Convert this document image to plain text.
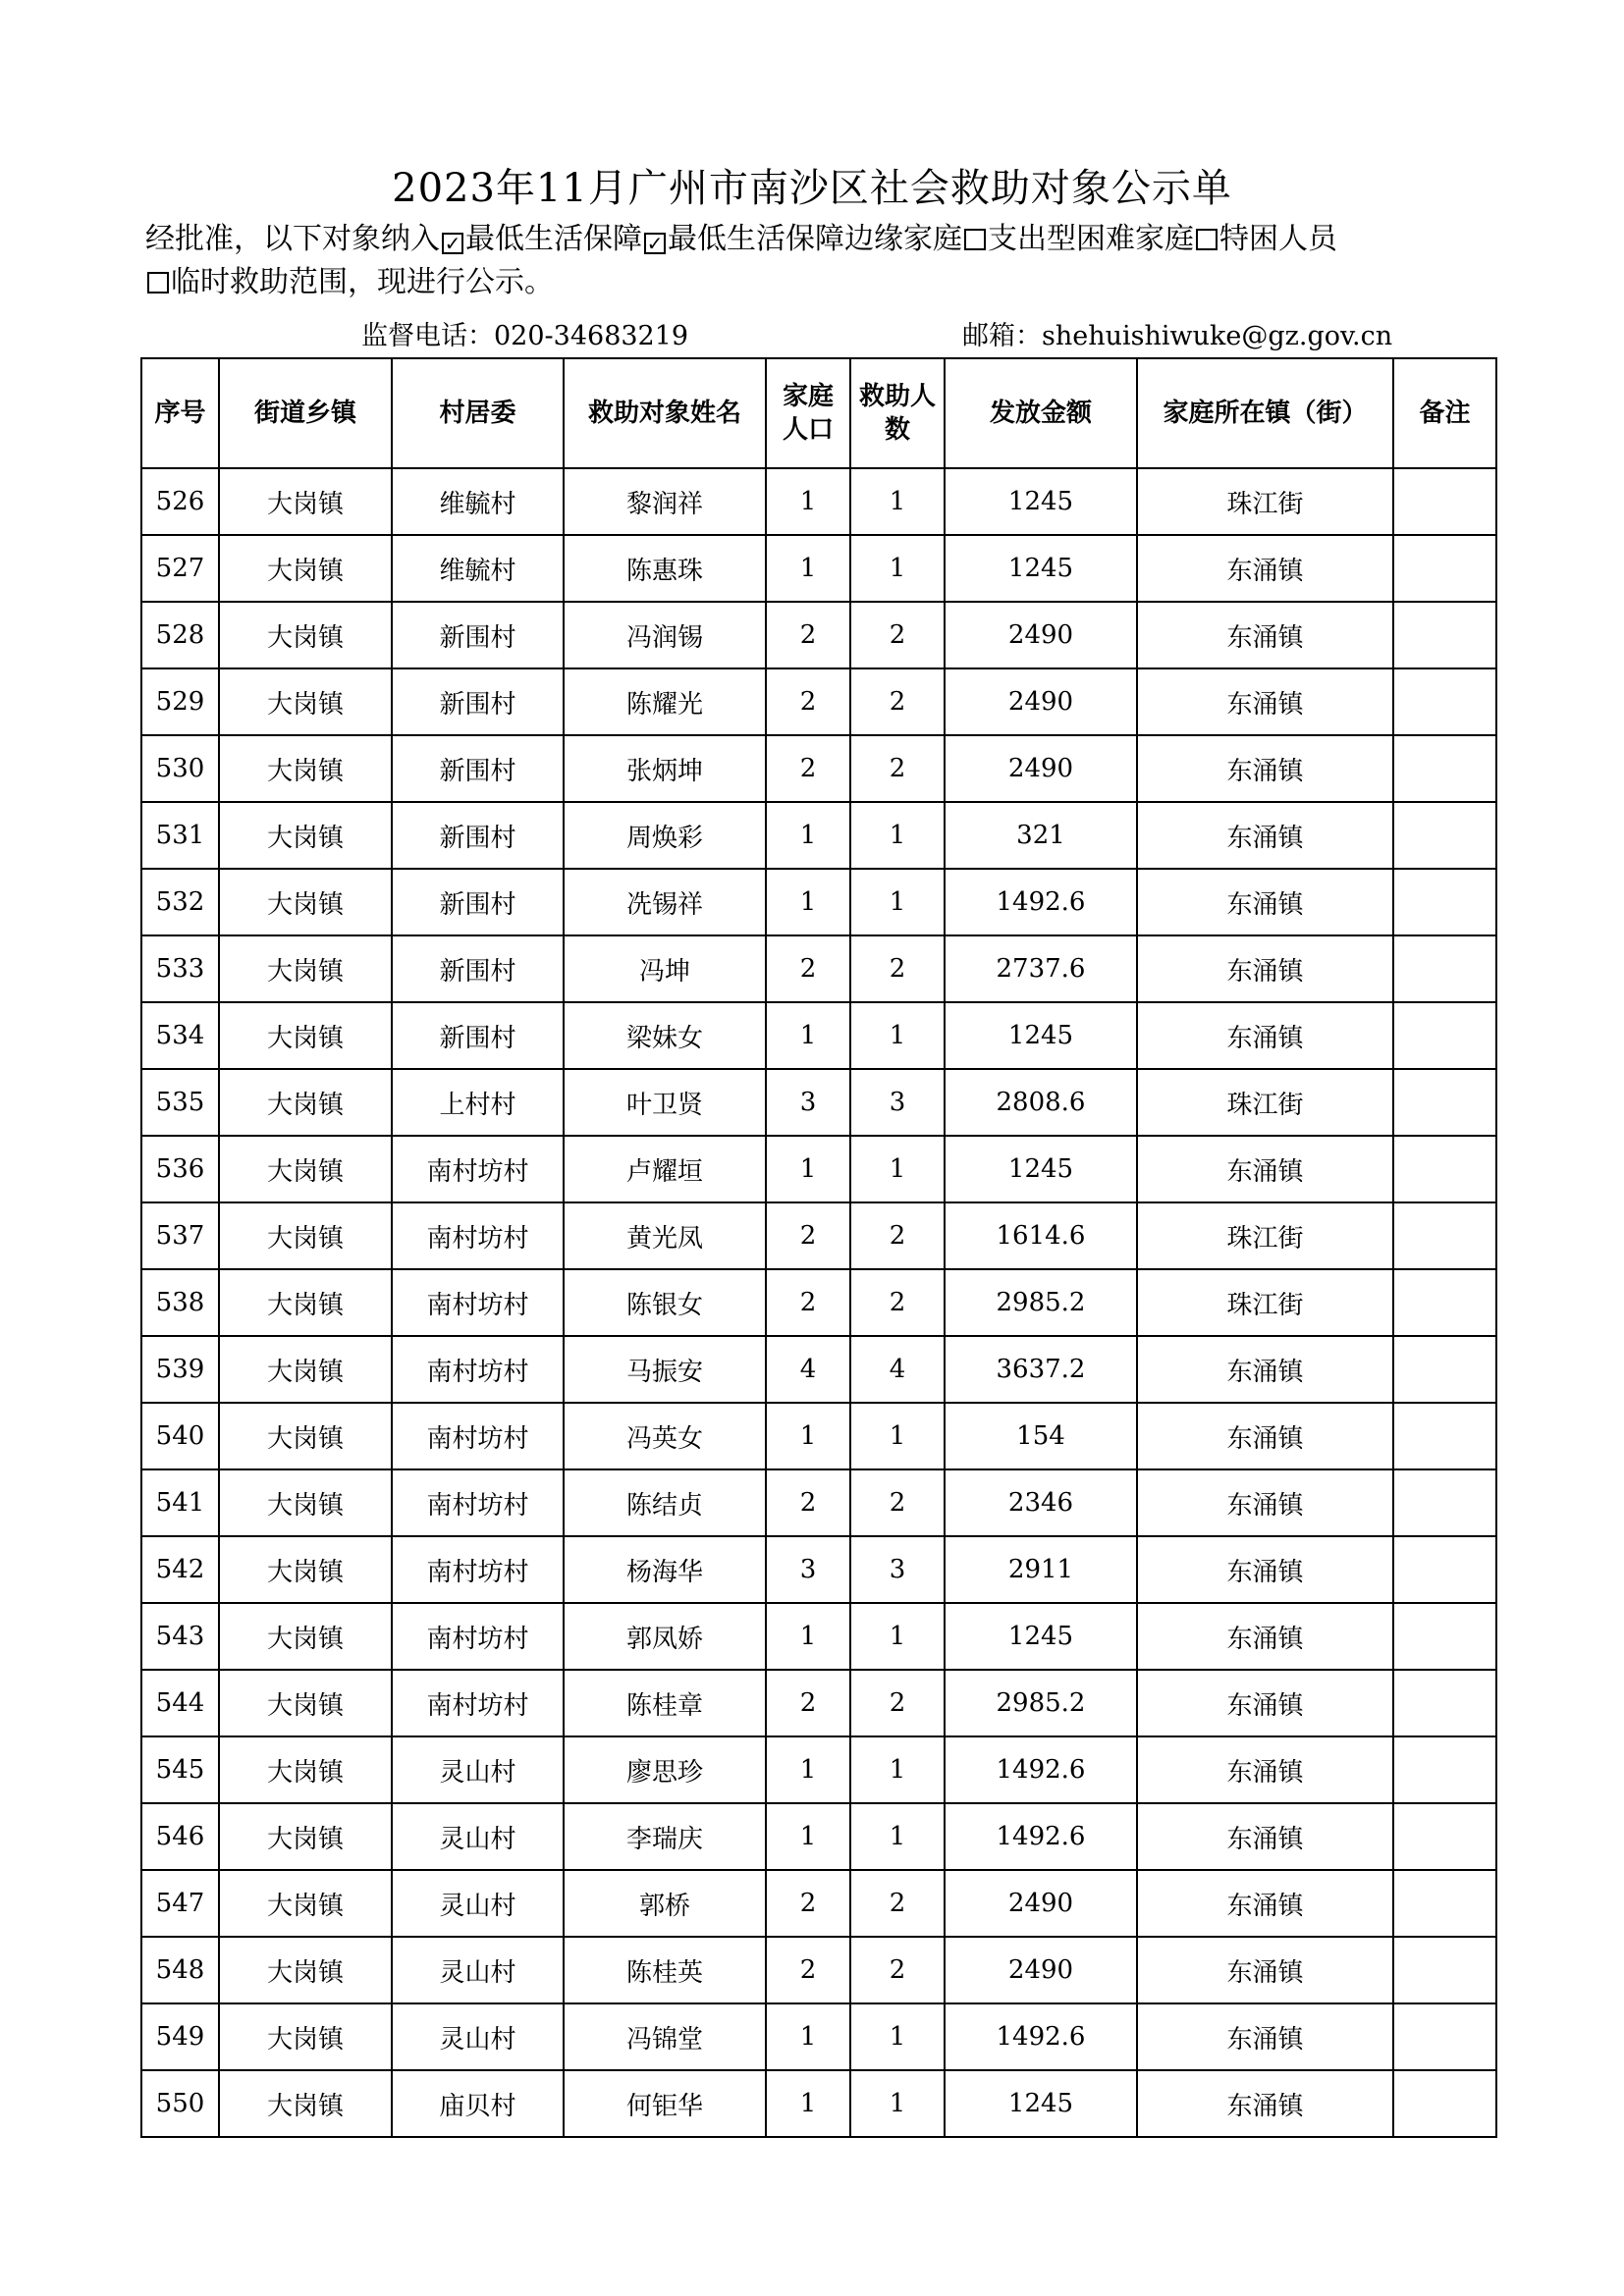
2023年11月广州市南沙区社会救助对象公示单
经批准，以下对象纳入 ✓ 最低生活保障 ✓ 最低生活保障边缘家庭 支出型困难家庭 特困人员
临时救助范围，现进行公示。
监督电话：020-34683219	邮箱：shehuishiwuke@gz.gov.cn
序号	街道乡镇	村居委	救助对象姓名	家庭人口	救助人数	发放金额	家庭所在镇（街）	备注
526	大岗镇	维毓村	黎润祥	1	1	1245	珠江街	
527	大岗镇	维毓村	陈惠珠	1	1	1245	东涌镇	
528	大岗镇	新围村	冯润锡	2	2	2490	东涌镇	
529	大岗镇	新围村	陈耀光	2	2	2490	东涌镇	
530	大岗镇	新围村	张炳坤	2	2	2490	东涌镇	
531	大岗镇	新围村	周焕彩	1	1	321	东涌镇	
532	大岗镇	新围村	冼锡祥	1	1	1492.6	东涌镇	
533	大岗镇	新围村	冯坤	2	2	2737.6	东涌镇	
534	大岗镇	新围村	梁妹女	1	1	1245	东涌镇	
535	大岗镇	上村村	叶卫贤	3	3	2808.6	珠江街	
536	大岗镇	南村坊村	卢耀垣	1	1	1245	东涌镇	
537	大岗镇	南村坊村	黄光凤	2	2	1614.6	珠江街	
538	大岗镇	南村坊村	陈银女	2	2	2985.2	珠江街	
539	大岗镇	南村坊村	马振安	4	4	3637.2	东涌镇	
540	大岗镇	南村坊村	冯英女	1	1	154	东涌镇	
541	大岗镇	南村坊村	陈结贞	2	2	2346	东涌镇	
542	大岗镇	南村坊村	杨海华	3	3	2911	东涌镇	
543	大岗镇	南村坊村	郭凤娇	1	1	1245	东涌镇	
544	大岗镇	南村坊村	陈桂章	2	2	2985.2	东涌镇	
545	大岗镇	灵山村	廖思珍	1	1	1492.6	东涌镇	
546	大岗镇	灵山村	李瑞庆	1	1	1492.6	东涌镇	
547	大岗镇	灵山村	郭桥	2	2	2490	东涌镇	
548	大岗镇	灵山村	陈桂英	2	2	2490	东涌镇	
549	大岗镇	灵山村	冯锦堂	1	1	1492.6	东涌镇	
550	大岗镇	庙贝村	何钜华	1	1	1245	东涌镇	
